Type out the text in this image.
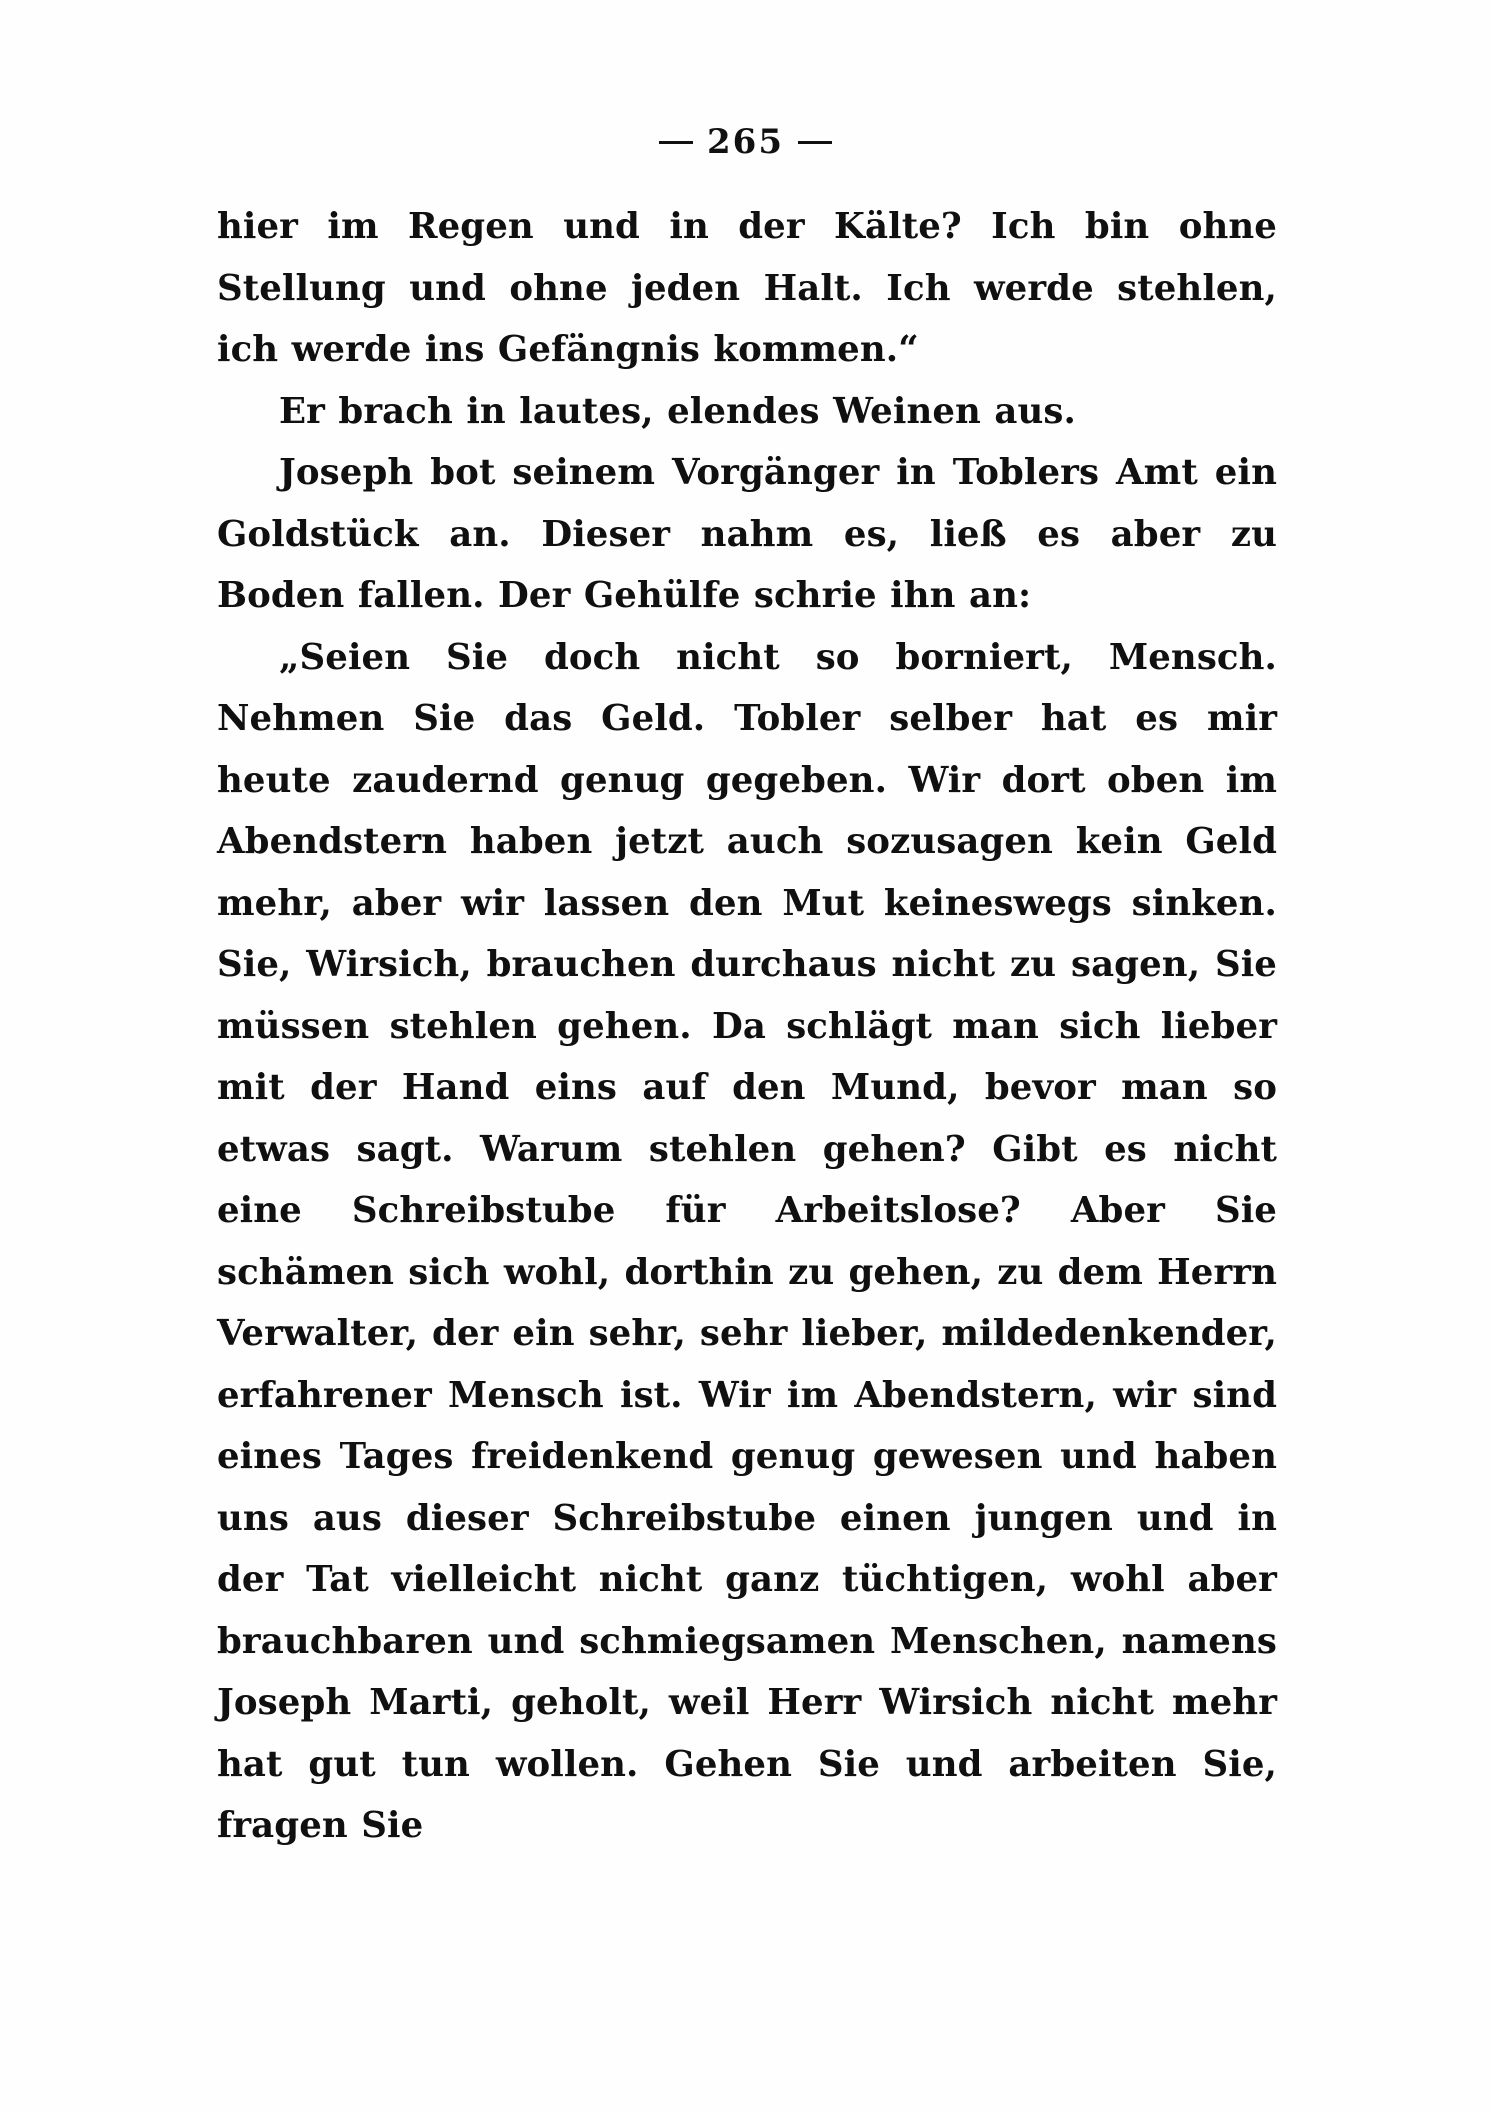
265

hier im Regen und in der Kälte? Ich bin ohne Stellung und ohne jeden Halt. Ich werde stehlen, ich werde ins Gefängnis kommen.“

Er brach in lautes, elendes Weinen aus.

Joseph bot seinem Vorgänger in Toblers Amt ein Goldstück an. Dieser nahm es, ließ es aber zu Boden fallen. Der Gehülfe schrie ihn an:

„Seien Sie doch nicht so borniert, Mensch. Nehmen Sie das Geld. Tobler selber hat es mir heute zaudernd genug gegeben. Wir dort oben im Abendstern haben jetzt auch sozusagen kein Geld mehr, aber wir lassen den Mut keineswegs sinken. Sie, Wirsich, brauchen durchaus nicht zu sagen, Sie müssen stehlen gehen. Da schlägt man sich lieber mit der Hand eins auf den Mund, bevor man so etwas sagt. Warum stehlen gehen? Gibt es nicht eine Schreibstube für Arbeitslose? Aber Sie schämen sich wohl, dorthin zu gehen, zu dem Herrn Verwalter, der ein sehr, sehr lieber, mildedenkender, erfahrener Mensch ist. Wir im Abendstern, wir sind eines Tages freidenkend genug gewesen und haben uns aus dieser Schreibstube einen jungen und in der Tat vielleicht nicht ganz tüchtigen, wohl aber brauchbaren und schmiegsamen Menschen, namens Joseph Marti, geholt, weil Herr Wirsich nicht mehr hat gut tun wollen. Gehen Sie und arbeiten Sie, fragen Sie
